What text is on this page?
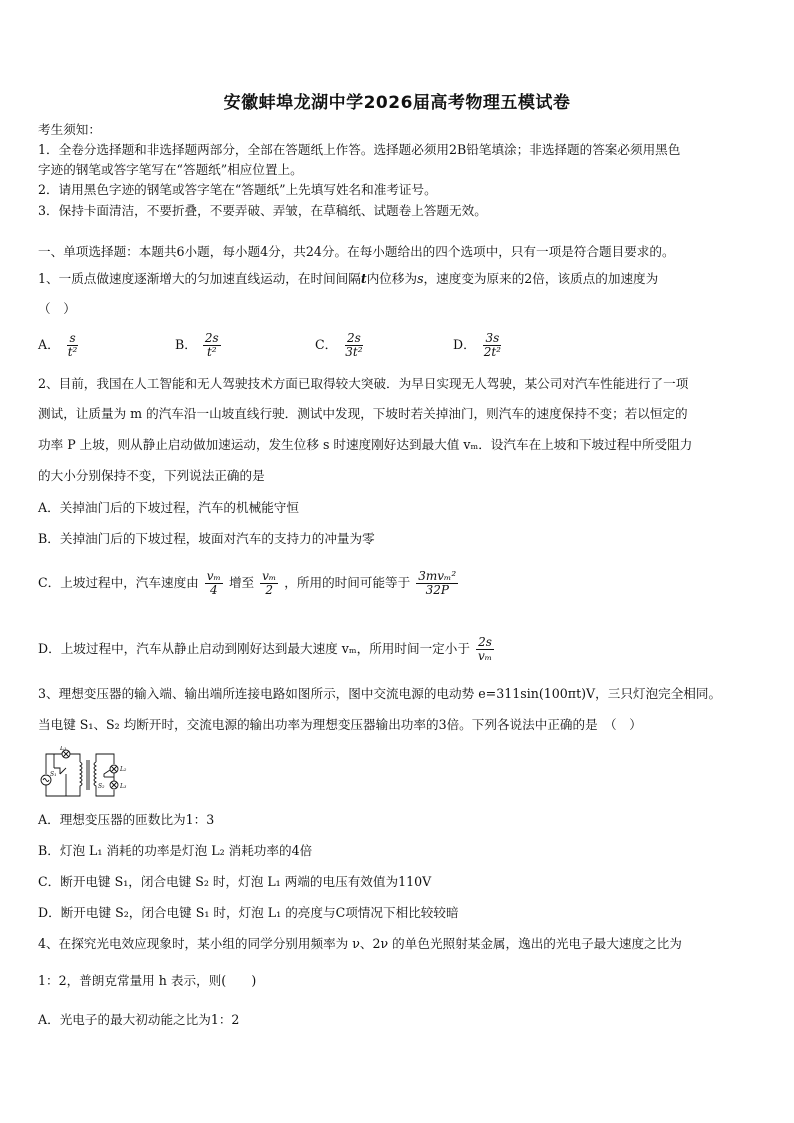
安徽蚌埠龙湖中学2026届高考物理五模试卷
考生须知：
1．全卷分选择题和非选择题两部分，全部在答题纸上作答。选择题必须用2B铅笔填涂；非选择题的答案必须用黑色
字迹的钢笔或答字笔写在“答题纸”相应位置上。
2．请用黑色字迹的钢笔或答字笔在“答题纸”上先填写姓名和准考证号。
3．保持卡面清洁，不要折叠，不要弄破、弄皱，在草稿纸、试题卷上答题无效。
一、单项选择题：本题共6小题，每小题4分，共24分。在每小题给出的四个选项中，只有一项是符合题目要求的。
1、一质点做速度逐渐增大的匀加速直线运动，在时间间隔t内位移为s，速度变为原来的2倍，该质点的加速度为
（　）
A． $\frac{s}{\text{t²}}$	B． $\frac{2s}{\text{t²}}$	C． $\frac{2s}{\text{3t²}}$	D． $\frac{3s}{\text{2t²}}$
2、目前，我国在人工智能和无人驾驶技术方面已取得较大突破．为早日实现无人驾驶，某公司对汽车性能进行了一项
测试，让质量为 m 的汽车沿一山坡直线行驶．测试中发现，下坡时若关掉油门，则汽车的速度保持不变；若以恒定的
功率 P 上坡，则从静止启动做加速运动，发生位移 s 时速度刚好达到最大值 vₘ．设汽车在上坡和下坡过程中所受阻力
的大小分别保持不变，下列说法正确的是
A．关掉油门后的下坡过程，汽车的机械能守恒
B．关掉油门后的下坡过程，坡面对汽车的支持力的冲量为零
C．上坡过程中，汽车速度由 $\frac{\text{vₘ}}{4}$ 增至 $\frac{\text{vₘ}}{2}$ ，所用的时间可能等于 $\frac{\text{3mvₘ²}}{32P}$
D．上坡过程中，汽车从静止启动到刚好达到最大速度 vₘ，所用时间一定小于 $\frac{2s}{\text{vₘ}}$
3、理想变压器的输入端、输出端所连接电路如图所示，图中交流电源的电动势 e=311sin(100πt)V，三只灯泡完全相同。
当电键 S₁、S₂ 均断开时，交流电源的输出功率为理想变压器输出功率的3倍。下列各说法中正确的是　（　）
L₁
S₁
S₂
L₂
L₃
A．理想变压器的匝数比为1：3
B．灯泡 L₁ 消耗的功率是灯泡 L₂ 消耗功率的4倍
C．断开电键 S₁，闭合电键 S₂ 时，灯泡 L₁ 两端的电压有效值为110V
D．断开电键 S₂，闭合电键 S₁ 时，灯泡 L₁ 的亮度与C项情况下相比较较暗
4、在探究光电效应现象时，某小组的同学分别用频率为 ν、2ν 的单色光照射某金属，逸出的光电子最大速度之比为
1：2，普朗克常量用 h 表示，则(　　)
A．光电子的最大初动能之比为1：2
